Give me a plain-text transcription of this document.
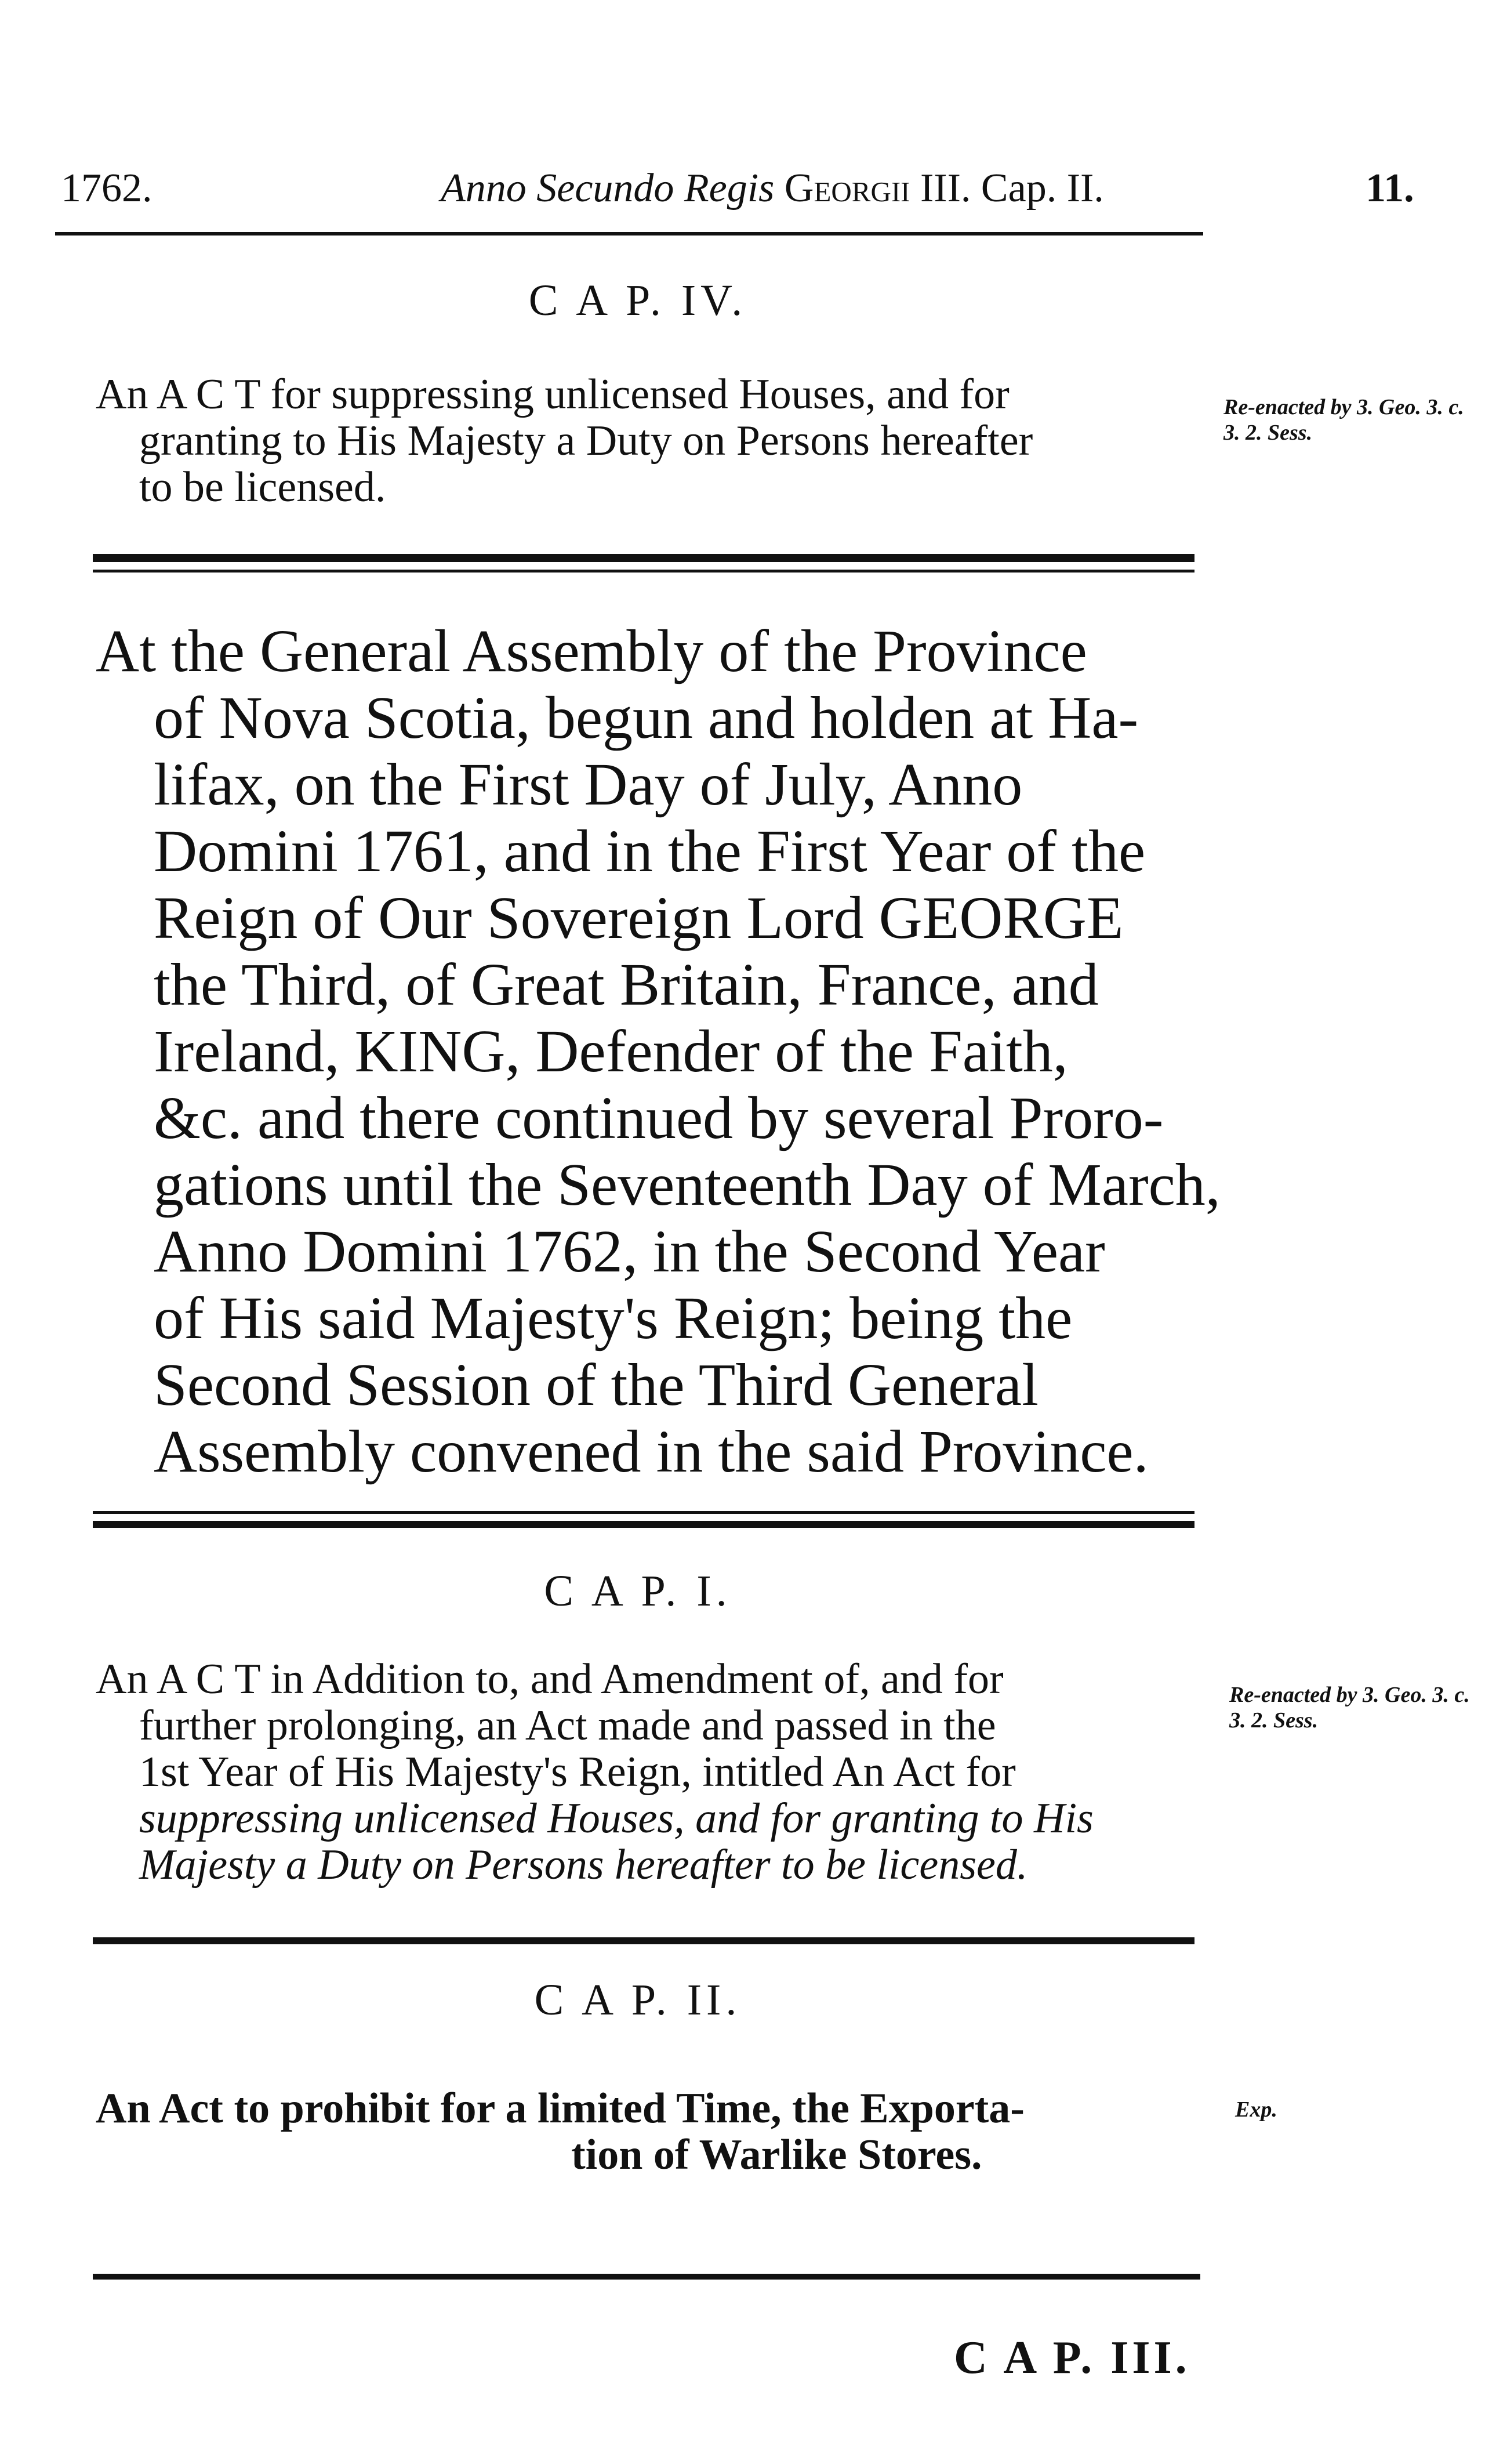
1762.	Anno Secundo Regis Georgii III. Cap. II.	11.
C A P. IV.
An A C T for suppressing unlicensed Houses, and for
granting to His Majesty a Duty on Persons hereafter
to be licensed.
Re-enacted by 3. Geo. 3. c. 3. 2. Sess.
At the General Assembly of the Province
of Nova Scotia, begun and holden at Ha-
lifax, on the First Day of July, Anno
Domini 1761, and in the First Year of the
Reign of Our Sovereign Lord GEORGE
the Third, of Great Britain, France, and
Ireland, KING, Defender of the Faith,
&c. and there continued by several Proro-
gations until the Seventeenth Day of March,
Anno Domini 1762, in the Second Year
of His said Majesty's Reign; being the
Second Session of the Third General
Assembly convened in the said Province.
C A P. I.
An A C T in Addition to, and Amendment of, and for
further prolonging, an Act made and passed in the
1st Year of His Majesty's Reign, intitled An Act for
suppressing unlicensed Houses, and for granting to His
Majesty a Duty on Persons hereafter to be licensed.
Re-enacted by 3. Geo. 3. c. 3. 2. Sess.
C A P. II.
An Act to prohibit for a limited Time, the Exporta-
tion of Warlike Stores.
Exp.
C A P. III.
